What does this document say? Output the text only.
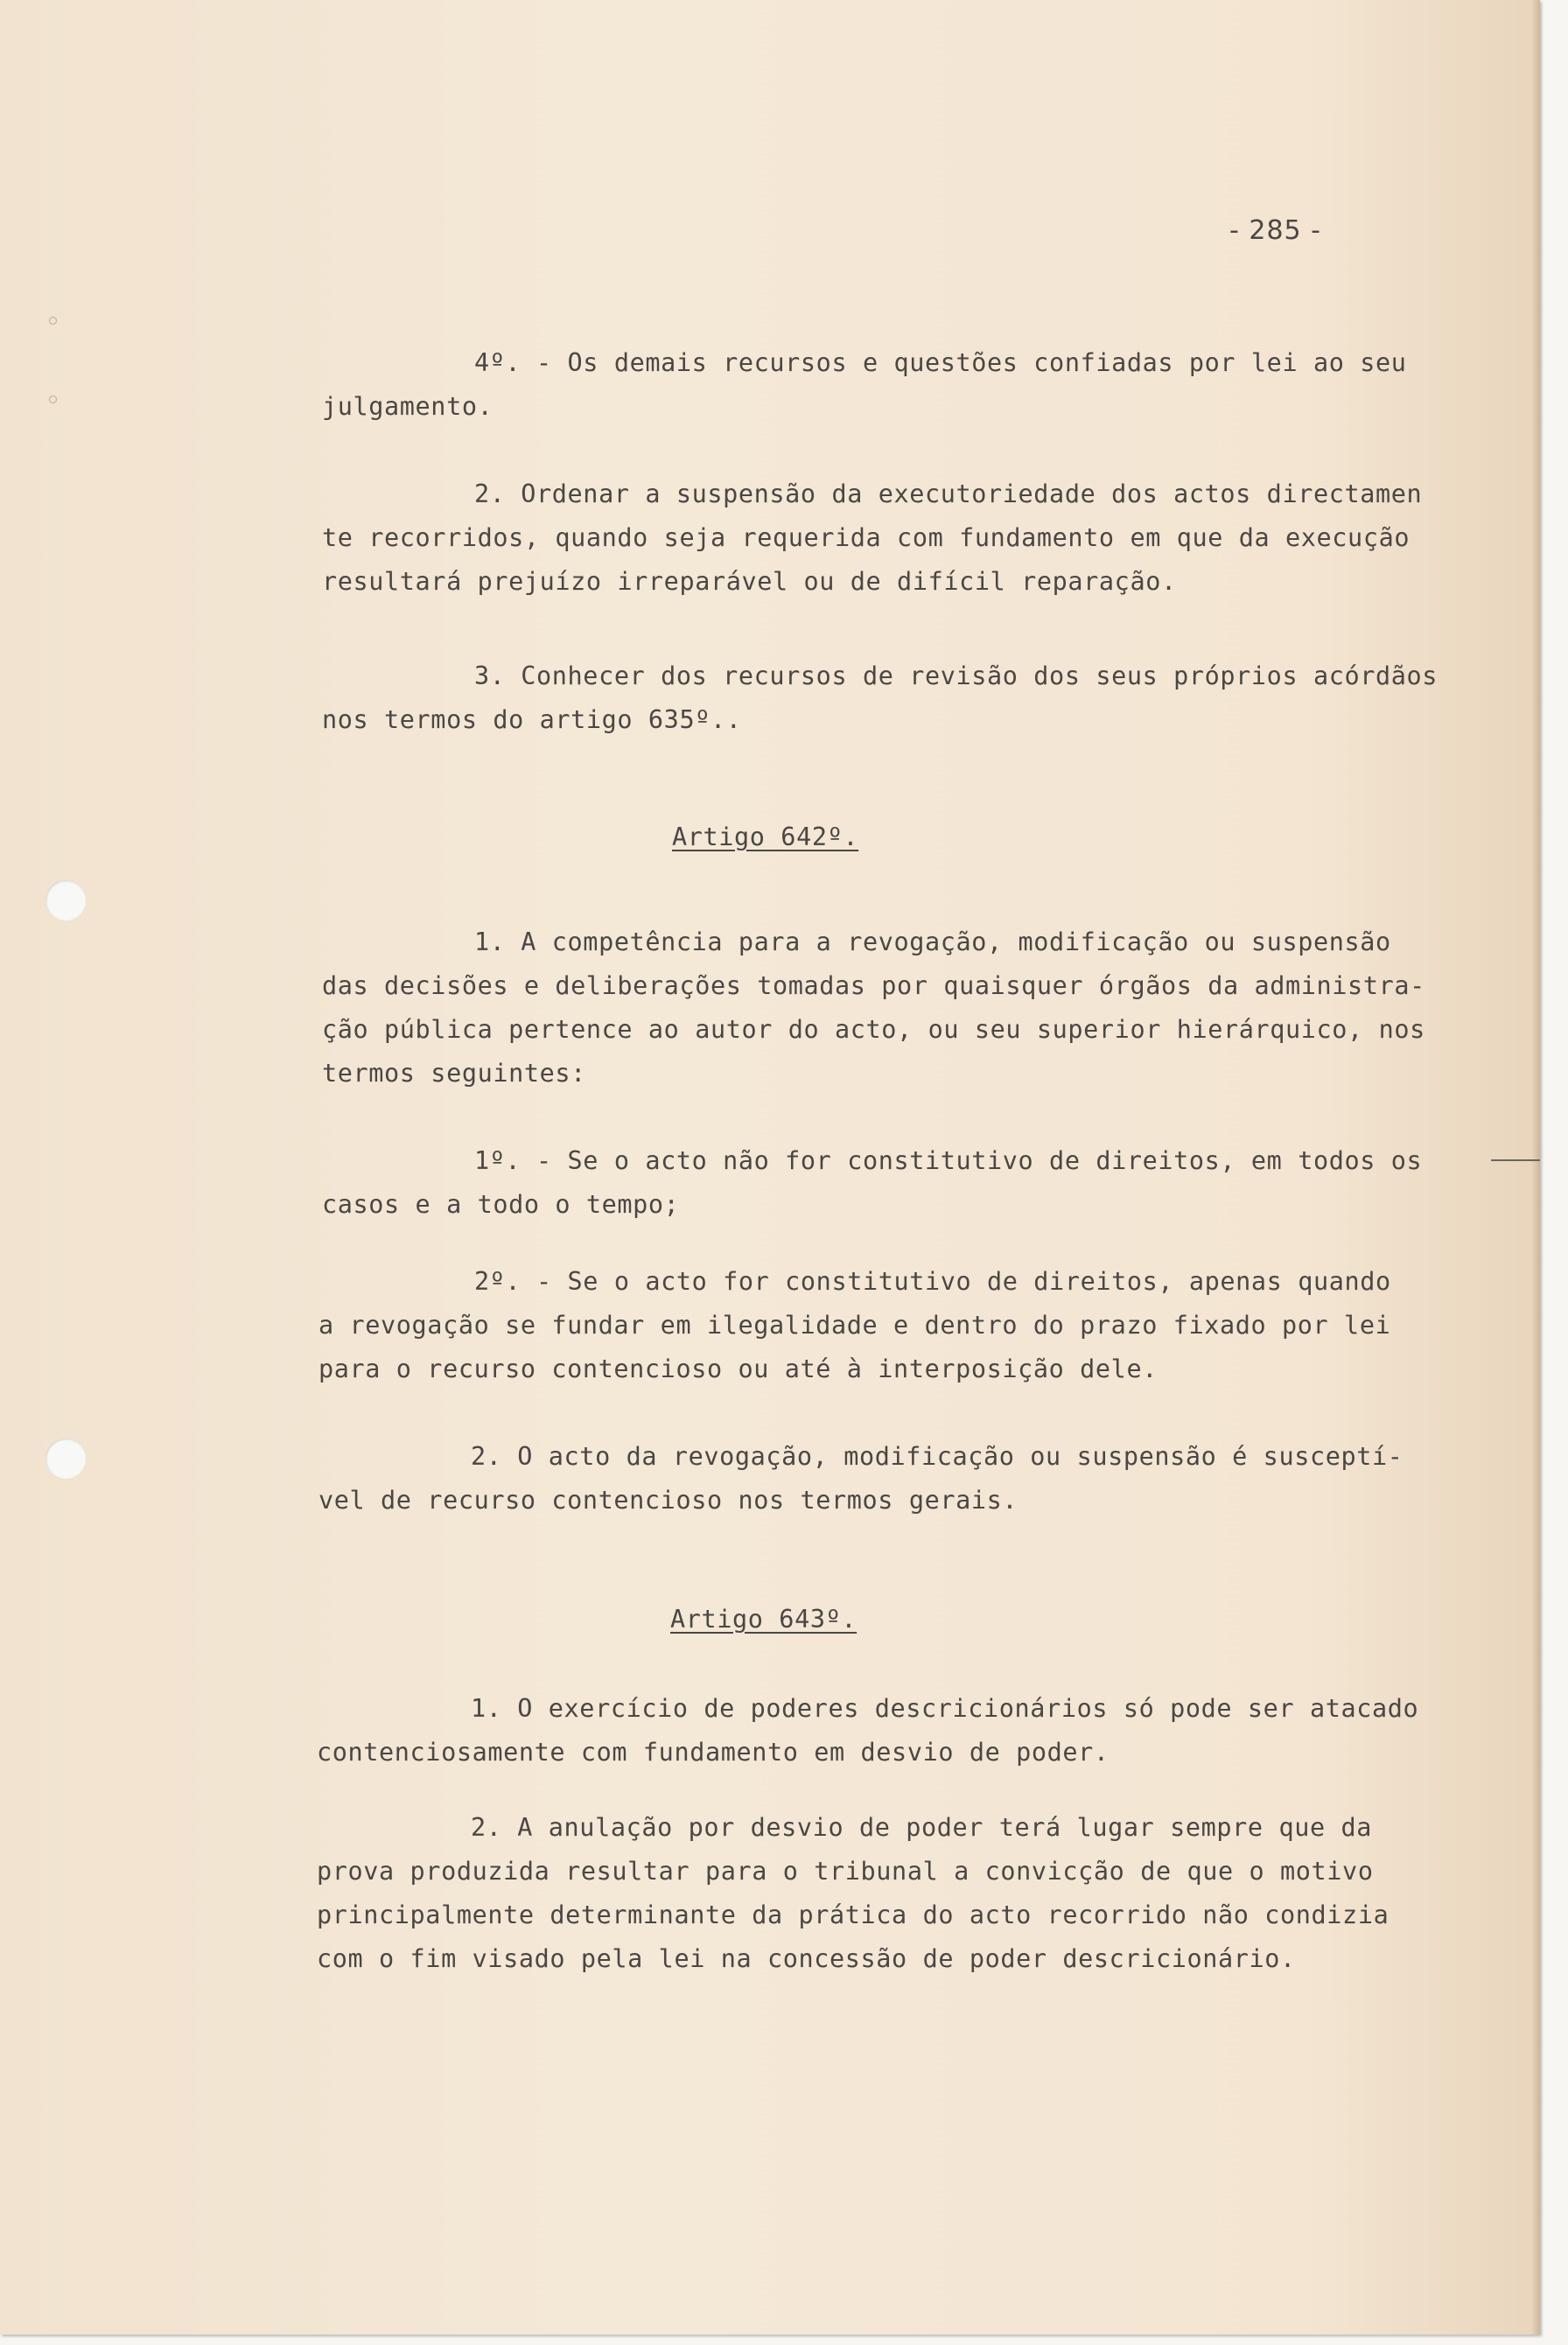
- 285 -
4º. - Os demais recursos e questões confiadas por lei ao seu
julgamento.
2. Ordenar a suspensão da executoriedade dos actos directamen
te recorridos, quando seja requerida com fundamento em que da execução
resultará prejuízo irreparável ou de difícil reparação.
3. Conhecer dos recursos de revisão dos seus próprios acórdãos
nos termos do artigo 635º..
Artigo 642º.
1. A competência para a revogação, modificação ou suspensão
das decisões e deliberações tomadas por quaisquer órgãos da administra-
ção pública pertence ao autor do acto, ou seu superior hierárquico, nos
termos seguintes:
1º. - Se o acto não for constitutivo de direitos, em todos os
casos e a todo o tempo;
2º. - Se o acto for constitutivo de direitos, apenas quando
a revogação se fundar em ilegalidade e dentro do prazo fixado por lei
para o recurso contencioso ou até à interposição dele.
2. O acto da revogação, modificação ou suspensão é susceptí-
vel de recurso contencioso nos termos gerais.
Artigo 643º.
1. O exercício de poderes descricionários só pode ser atacado
contenciosamente com fundamento em desvio de poder.
2. A anulação por desvio de poder terá lugar sempre que da
prova produzida resultar para o tribunal a convicção de que o motivo
principalmente determinante da prática do acto recorrido não condizia
com o fim visado pela lei na concessão de poder descricionário.
